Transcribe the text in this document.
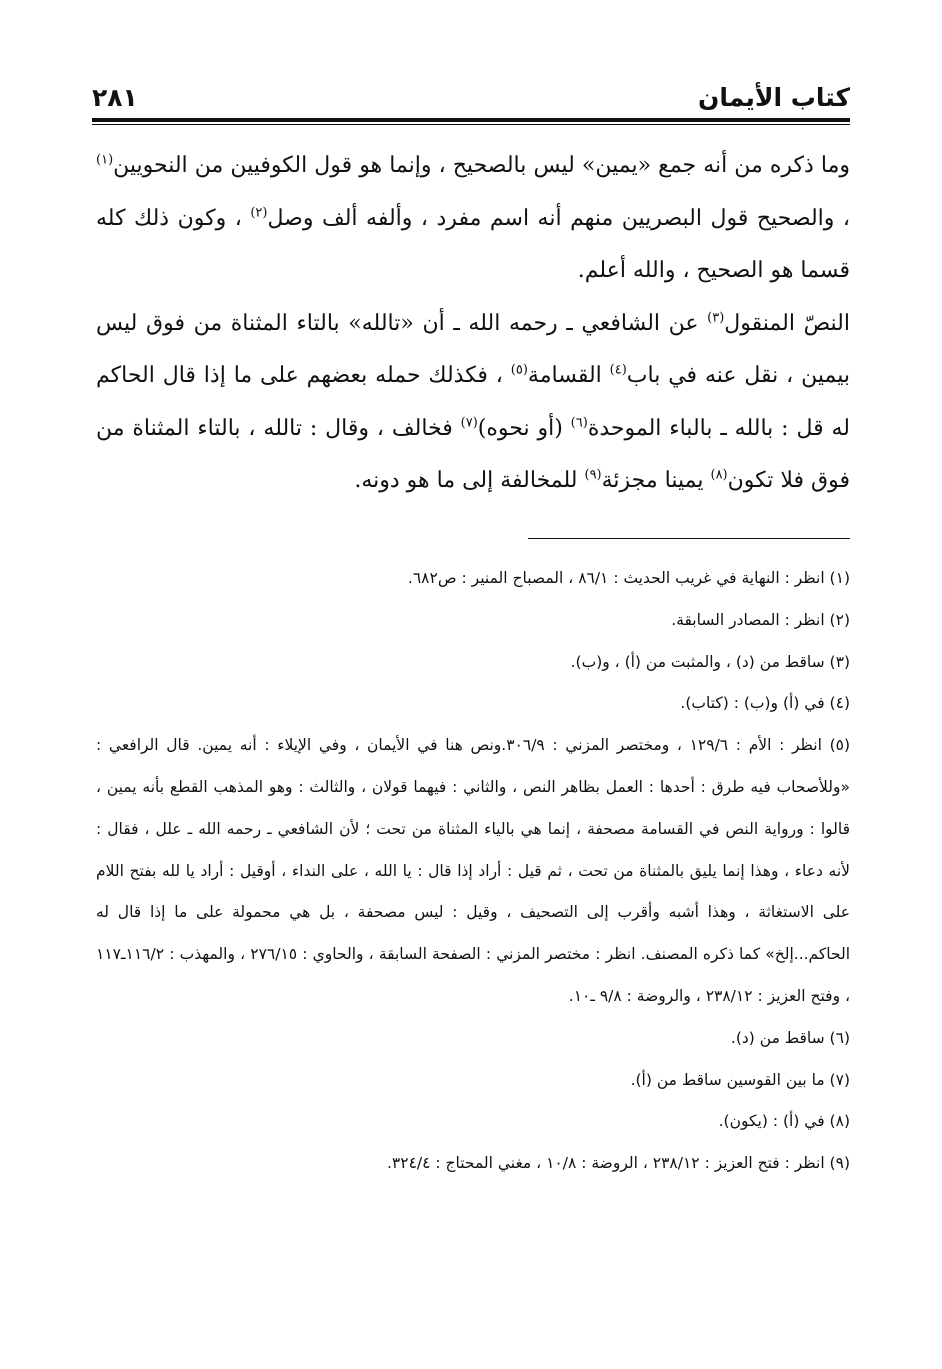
كتاب الأيمان
٢٨١

وما ذكره من أنه جمع «يمين» ليس بالصحيح ، وإنما هو قول الكوفيين من النحويين$^{(١)}$ ، والصحيح قول البصريين منهم أنه اسم مفرد ، وألفه ألف وصل$^{(٢)}$ ، وكون ذلك كله قسما هو الصحيح ، والله أعلم.

النصّ المنقول$^{(٣)}$ عن الشافعي ـ رحمه الله ـ أن «تالله» بالتاء المثناة من فوق ليس بيمين ، نقل عنه في باب$^{(٤)}$ القسامة$^{(٥)}$ ، فكذلك حمله بعضهم على ما إذا قال الحاكم له قل : بالله ـ بالباء الموحدة$^{(٦)}$ (أو نحوه)$^{(٧)}$ فخالف ، وقال : تالله ، بالتاء المثناة من فوق فلا تكون$^{(٨)}$ يمينا مجزئة$^{(٩)}$ للمخالفة إلى ما هو دونه.

(١) انظر : النهاية في غريب الحديث : ٨٦/١ ، المصباح المنير : ص٦٨٢.

(٢) انظر : المصادر السابقة.

(٣) ساقط من (د) ، والمثبت من (أ) ، و(ب).

(٤) في (أ) و(ب) : (كتاب).

(٥) انظر : الأم : ١٢٩/٦ ، ومختصر المزني : ٣٠٦/٩.ونص هنا في الأيمان ، وفي الإيلاء : أنه يمين. قال الرافعي : «وللأصحاب فيه طرق : أحدها : العمل بظاهر النص ، والثاني : فيهما قولان ، والثالث : وهو المذهب القطع بأنه يمين ، قالوا : ورواية النص في القسامة مصحفة ، إنما هي بالياء المثناة من تحت ؛ لأن الشافعي ـ رحمه الله ـ علل ، فقال : لأنه دعاء ، وهذا إنما يليق بالمثناة من تحت ، ثم قيل : أراد إذا قال : يا الله ، على النداء ، أوقيل : أراد يا لله بفتح اللام على الاستغاثة ، وهذا أشبه وأقرب إلى التصحيف ، وقيل : ليس مصحفة ، بل هي محمولة على ما إذا قال له الحاكم...إلخ» كما ذكره المصنف. انظر : مختصر المزني : الصفحة السابقة ، والحاوي : ٢٧٦/١٥ ، والمهذب : ١١٦/٢ـ١١٧ ، وفتح العزيز : ٢٣٨/١٢ ، والروضة : ٩/٨ ـ١٠.

(٦) ساقط من (د).

(٧) ما بين القوسين ساقط من (أ).

(٨) في (أ) : (يكون).

(٩) انظر : فتح العزيز : ٢٣٨/١٢ ، الروضة : ١٠/٨ ، مغني المحتاج : ٣٢٤/٤.
